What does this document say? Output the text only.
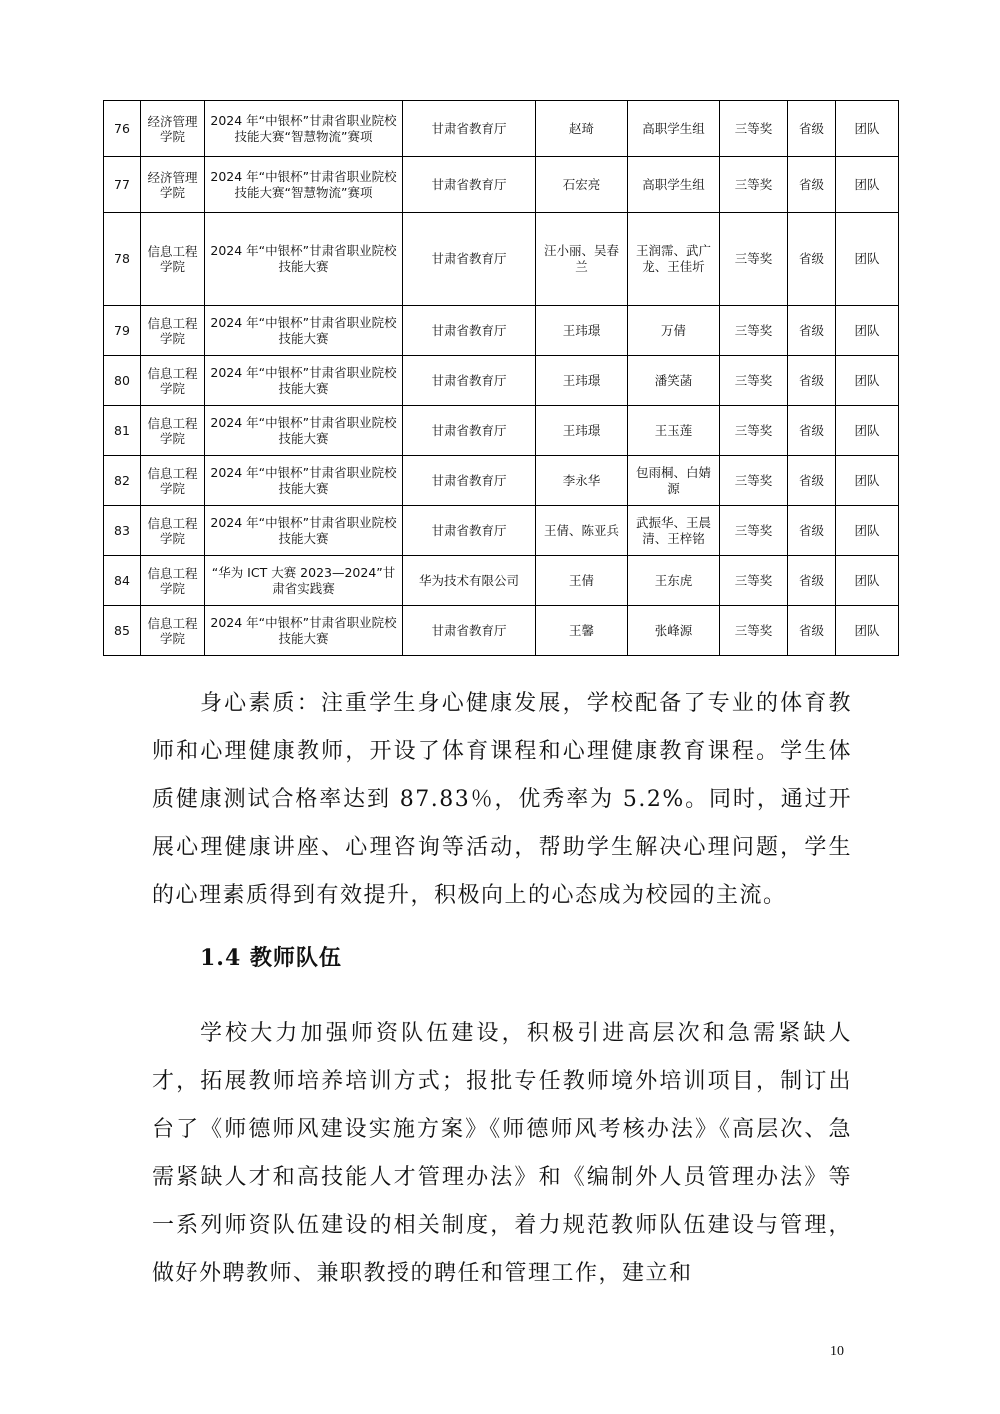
76	经济管理学院	2024 年“中银杯”甘肃省职业院校技能大赛“智慧物流”赛项	甘肃省教育厅	赵琦	高职学生组	三等奖	省级	团队
77	经济管理学院	2024 年“中银杯”甘肃省职业院校技能大赛“智慧物流”赛项	甘肃省教育厅	石宏亮	高职学生组	三等奖	省级	团队
78	信息工程学院	2024 年“中银杯”甘肃省职业院校技能大赛	甘肃省教育厅	汪小丽、吴春兰	王润霈、武广龙、王佳圻	三等奖	省级	团队
79	信息工程学院	2024 年“中银杯”甘肃省职业院校技能大赛	甘肃省教育厅	王玮璟	万倩	三等奖	省级	团队
80	信息工程学院	2024 年“中银杯”甘肃省职业院校技能大赛	甘肃省教育厅	王玮璟	潘笑菡	三等奖	省级	团队
81	信息工程学院	2024 年“中银杯”甘肃省职业院校技能大赛	甘肃省教育厅	王玮璟	王玉莲	三等奖	省级	团队
82	信息工程学院	2024 年“中银杯”甘肃省职业院校技能大赛	甘肃省教育厅	李永华	包雨桐、白婧源	三等奖	省级	团队
83	信息工程学院	2024 年“中银杯”甘肃省职业院校技能大赛	甘肃省教育厅	王倩、陈亚兵	武振华、王晨清、王梓铭	三等奖	省级	团队
84	信息工程学院	“华为 ICT 大赛 2023—2024”甘肃省实践赛	华为技术有限公司	王倩	王东虎	三等奖	省级	团队
85	信息工程学院	2024 年“中银杯”甘肃省职业院校技能大赛	甘肃省教育厅	王馨	张峰源	三等奖	省级	团队

身心素质：注重学生身心健康发展，学校配备了专业的体育教师和心理健康教师，开设了体育课程和心理健康教育课程。学生体质健康测试合格率达到 87.83％，优秀率为 5.2%。同时，通过开展心理健康讲座、心理咨询等活动，帮助学生解决心理问题，学生的心理素质得到有效提升，积极向上的心态成为校园的主流。

1.4 教师队伍

学校大力加强师资队伍建设，积极引进高层次和急需紧缺人才，拓展教师培养培训方式；报批专任教师境外培训项目，制订出台了《师德师风建设实施方案》《师德师风考核办法》《高层次、急需紧缺人才和高技能人才管理办法》和《编制外人员管理办法》等一系列师资队伍建设的相关制度，着力规范教师队伍建设与管理，做好外聘教师、兼职教授的聘任和管理工作，建立和

10
